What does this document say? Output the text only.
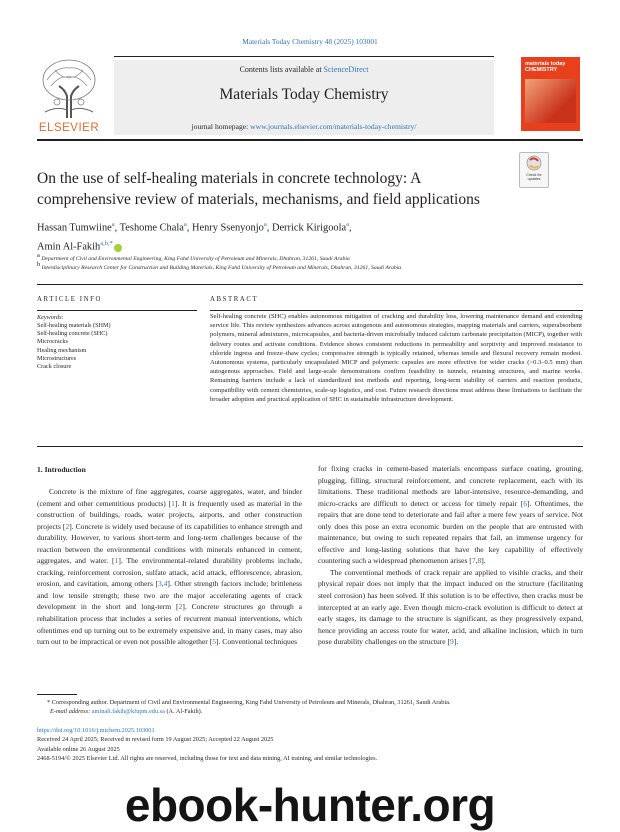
Materials Today Chemistry 48 (2025) 103001
Contents lists available at ScienceDirect
Materials Today Chemistry
journal homepage: www.journals.elsevier.com/materials-today-chemistry/
ELSEVIER
materials today CHEMISTRY
On the use of self-healing materials in concrete technology: A comprehensive review of materials, mechanisms, and field applications
Check for updates
Hassan Tumwiine$^a$, Teshome Chala$^a$, Henry Ssenyonjo$^a$, Derrick Kirigoola$^a$,
Amin Al-Fakih$^{a,b,*}$
a Department of Civil and Environmental Engineering, King Fahd University of Petroleum and Minerals, Dhahran, 31261, Saudi Arabia
b Interdisciplinary Research Center for Construction and Building Materials, King Fahd University of Petroleum and Minerals, Dhahran, 31261, Saudi Arabia
ARTICLE INFO	ABSTRACT
Keywords:
Self-healing materials (SHM)
Self-healing concrete (SHC)
Microcracks
Healing mechanism
Microstructures
Crack closure
Self-healing concrete (SHC) enables autonomous mitigation of cracking and durability loss, lowering maintenance demand and extending service life. This review synthesizes advances across autogenous and autonomous strategies, mapping materials and carriers, superabsorbent polymers, mineral admixtures, microcapsules, and bacteria-driven microbially induced calcium carbonate precipitation (MICP), together with delivery routes and activate conditions. Evidence shows consistent reductions in permeability and sorptivity and improved resistance to chloride ingress and freeze–thaw cycles; compressive strength is typically retained, whereas tensile and flexural recovery remain modest. Autonomous systems, particularly encapsulated MICP and polymeric capsules are more effective for wider cracks (>0.3–0.5 mm) than autogenous approaches. Field and large-scale demonstrations confirm feasibility in tunnels, retaining structures, and marine works. Remaining barriers include a lack of standardized test methods and reporting, long-term stability of carriers and reaction products, compatibility with cement chemistries, scale-up logistics, and cost. Future research directions must address these limitations to facilitate the broader adoption and practical application of SHC in sustainable infrastructure development.
1. Introduction

Concrete is the mixture of fine aggregates, coarse aggregates, water, and binder (cement and other cementitious products) [1]. It is frequently used as material in the construction of buildings, roads, water projects, airports, and other construction projects [2]. Concrete is widely used because of its capabilities to enhance strength and durability. However, to various short-term and long-term challenges because of the reaction between the environmental conditions with minerals enhanced in cement, aggregates, and water. [1]. The environmental-related durability problems include, cracking, reinforcement corrosion, sulfate attack, acid attack, efflorescence, abrasion, erosion, and cavitation, among others [3,4]. Other strength factors include; brittleness and low tensile strength; these two are the major accelerating agents of crack development in the short and long-term [2]. Concrete structures go through a rehabilitation process that includes a series of recurrent manual interventions, which oftentimes end up turning out to be extremely expensive and, in many cases, may also turn out to be impractical or even not possible altogether [5]. Conventional techniques

for fixing cracks in cement-based materials encompass surface coating, grouting, plugging, filling, structural reinforcement, and concrete replacement, each with its limitations. These traditional methods are labor-intensive, resource-demanding, and micro-cracks are difficult to detect or access for timely repair [6]. Oftentimes, the repairs that are done tend to deteriorate and fail after a mere few years of service. Not only does this pose an extra economic burden on the people that are entrusted with maintenance, but owing to such repeated repairs that fail, an immense urgency for effective and long-lasting solutions that have the key capability of effectively countering such a widespread phenomenon arises [7,8].

The conventional methods of crack repair are applied to visible cracks, and their physical repair does not imply that the impact induced on the structure (facilitating steel corrosion) has been solved. If this solution is to be effective, then cracks must be intercepted at an early age. Even though micro-crack evolution is difficult to detect at early stages, its damage to the structure is significant, as they progressively expand, hence providing an access route for water, acid, and alkaline inclusion, which in turn pose durability challenges on the structure [9].

* Corresponding author. Department of Civil and Environmental Engineering, King Fahd University of Petroleum and Minerals, Dhahran, 31261, Saudi Arabia.
E-mail address: aminali.fakih@kfupm.edu.sa (A. Al-Fakih).
https://doi.org/10.1016/j.mtchem.2025.103001
Received 24 April 2025; Received in revised form 19 August 2025; Accepted 22 August 2025
Available online 26 August 2025
2468-5194/© 2025 Elsevier Ltd. All rights are reserved, including those for text and data mining, AI training, and similar technologies.
ebook-hunter.org
